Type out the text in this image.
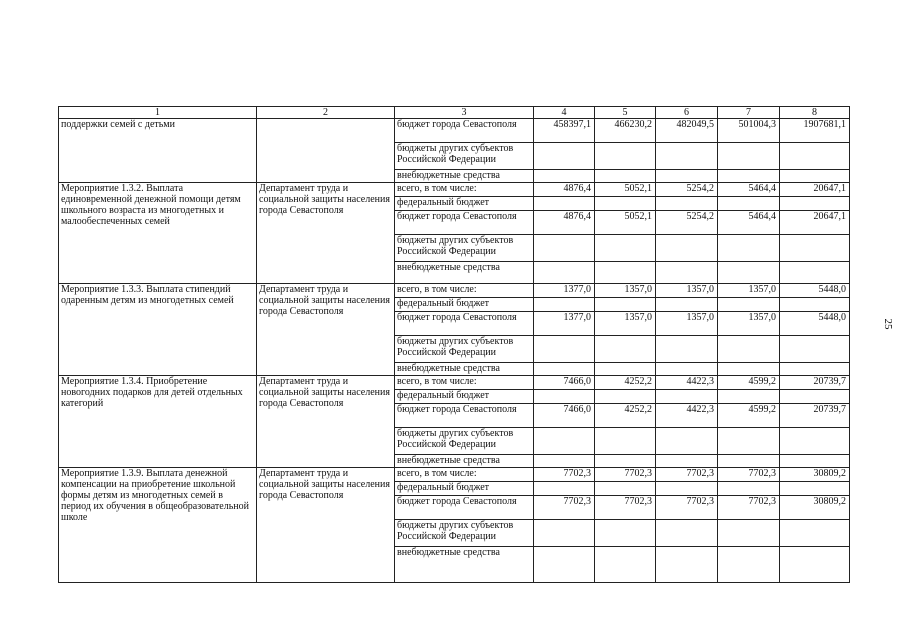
1	2	3	4	5	6	7	8
поддержки семей с детьми		бюджет города Севастополя	458397,1	466230,2	482049,5	501004,3	1907681,1
		бюджеты других субъектов Российской Федерации					
		внебюджетные средства					
Мероприятие 1.3.2. Выплата единовременной денежной помощи детям школьного возраста из многодетных и малообеспеченных семей	Департамент труда и социальной защиты населения города Севастополя	всего, в том числе:	4876,4	5052,1	5254,2	5464,4	20647,1
		федеральный бюджет					
		бюджет города Севастополя	4876,4	5052,1	5254,2	5464,4	20647,1
		бюджеты других субъектов Российской Федерации					
		внебюджетные средства					
Мероприятие 1.3.3. Выплата стипендий одаренным детям из многодетных семей	Департамент труда и социальной защиты населения города Севастополя	всего, в том числе:	1377,0	1357,0	1357,0	1357,0	5448,0
		федеральный бюджет					
		бюджет города Севастополя	1377,0	1357,0	1357,0	1357,0	5448,0
		бюджеты других субъектов Российской Федерации					
		внебюджетные средства					
Мероприятие 1.3.4. Приобретение новогодних подарков для детей отдельных категорий	Департамент труда и социальной защиты населения города Севастополя	всего, в том числе:	7466,0	4252,2	4422,3	4599,2	20739,7
		федеральный бюджет					
		бюджет города Севастополя	7466,0	4252,2	4422,3	4599,2	20739,7
		бюджеты других субъектов Российской Федерации					
		внебюджетные средства					
Мероприятие 1.3.9. Выплата денежной компенсации на приобретение школьной формы детям из многодетных семей в период их обучения в общеобразовательной школе	Департамент труда и социальной защиты населения города Севастополя	всего, в том числе:	7702,3	7702,3	7702,3	7702,3	30809,2
		федеральный бюджет					
		бюджет города Севастополя	7702,3	7702,3	7702,3	7702,3	30809,2
		бюджеты других субъектов Российской Федерации					
		внебюджетные средства					
25
